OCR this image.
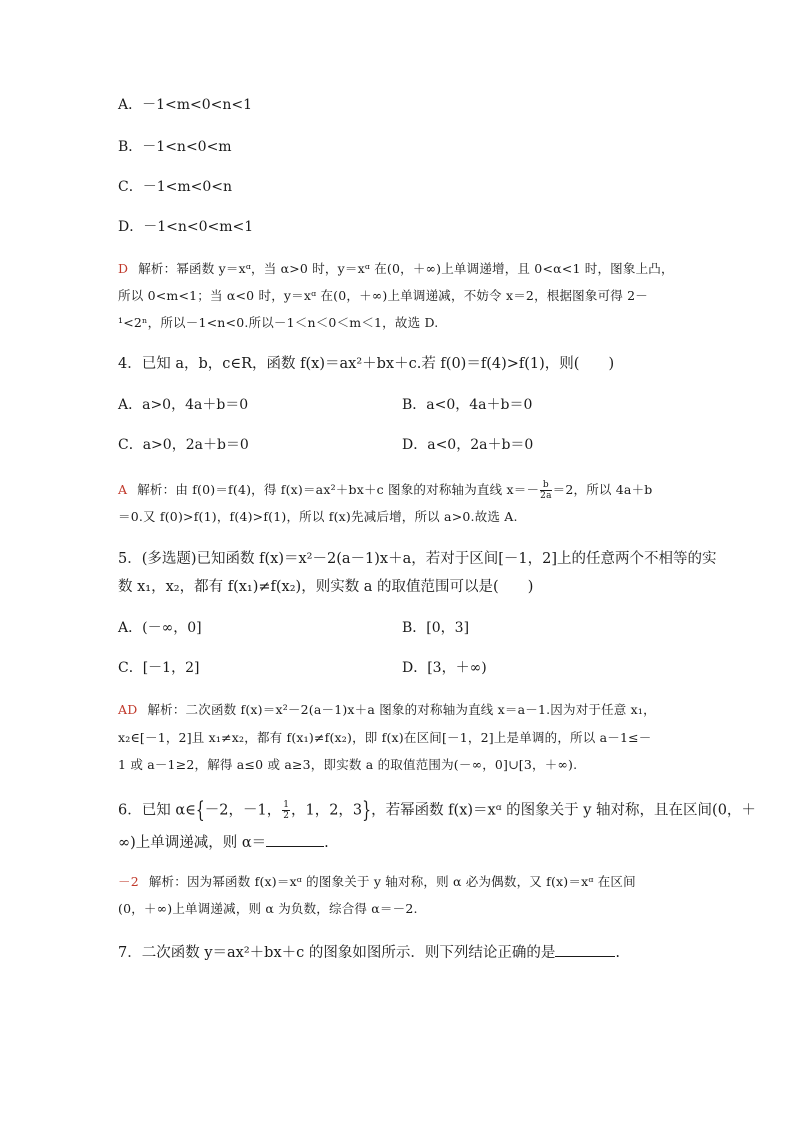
A．－1<m<0<n<1
B．－1<n<0<m
C．－1<m<0<n
D．－1<n<0<m<1
D 解析：幂函数 y＝xᵅ，当 α>0 时，y＝xᵅ 在(0，＋∞)上单调递增，且 0<α<1 时，图象上凸，
所以 0<m<1；当 α<0 时，y＝xᵅ 在(0，＋∞)上单调递减，不妨令 x＝2，根据图象可得 2－
¹<2ⁿ，所以－1<n<0.所以－1＜n＜0＜m＜1，故选 D.
4．已知 a，b，c∈R，函数 f(x)＝ax²＋bx＋c.若 f(0)＝f(4)>f(1)，则(　　)
A．a>0，4a＋b＝0	B．a<0，4a＋b＝0
C．a>0，2a＋b＝0	D．a<0，2a＋b＝0
A 解析：由 f(0)＝f(4)，得 f(x)＝ax²＋bx＋c 图象的对称轴为直线 $x=- \frac{b}{2a} =2$，所以 4a＋b
＝0.又 f(0)>f(1)，f(4)>f(1)，所以 f(x)先减后增，所以 a>0.故选 A.
5．(多选题)已知函数 f(x)＝x²－2(a－1)x＋a，若对于区间[－1，2]上的任意两个不相等的实
数 x₁，x₂，都有 f(x₁)≠f(x₂)，则实数 a 的取值范围可以是(　　)
A．(－∞，0]	B．[0，3]
C．[－1，2]	D．[3，＋∞)
AD 解析：二次函数 f(x)＝x²－2(a－1)x＋a 图象的对称轴为直线 x＝a－1.因为对于任意 x₁，
x₂∈[－1，2]且 x₁≠x₂，都有 f(x₁)≠f(x₂)，即 f(x)在区间[－1，2]上是单调的，所以 a－1≤－
1 或 a－1≥2，解得 a≤0 或 a≥3，即实数 a 的取值范围为(－∞，0]∪[3，＋∞).
6．已知 α∈{－2，－1， $\frac{1}{2}$ ，1，2，3}，若幂函数 f(x)＝xᵅ 的图象关于 y 轴对称，且在区间(0，＋
∞)上单调递减，则 α＝	.
－2 解析：因为幂函数 f(x)＝xᵅ 的图象关于 y 轴对称，则 α 必为偶数，又 f(x)＝xᵅ 在区间
(0，＋∞)上单调递减，则 α 为负数，综合得 α＝－2.
7．二次函数 y＝ax²＋bx＋c 的图象如图所示．则下列结论正确的是	.
